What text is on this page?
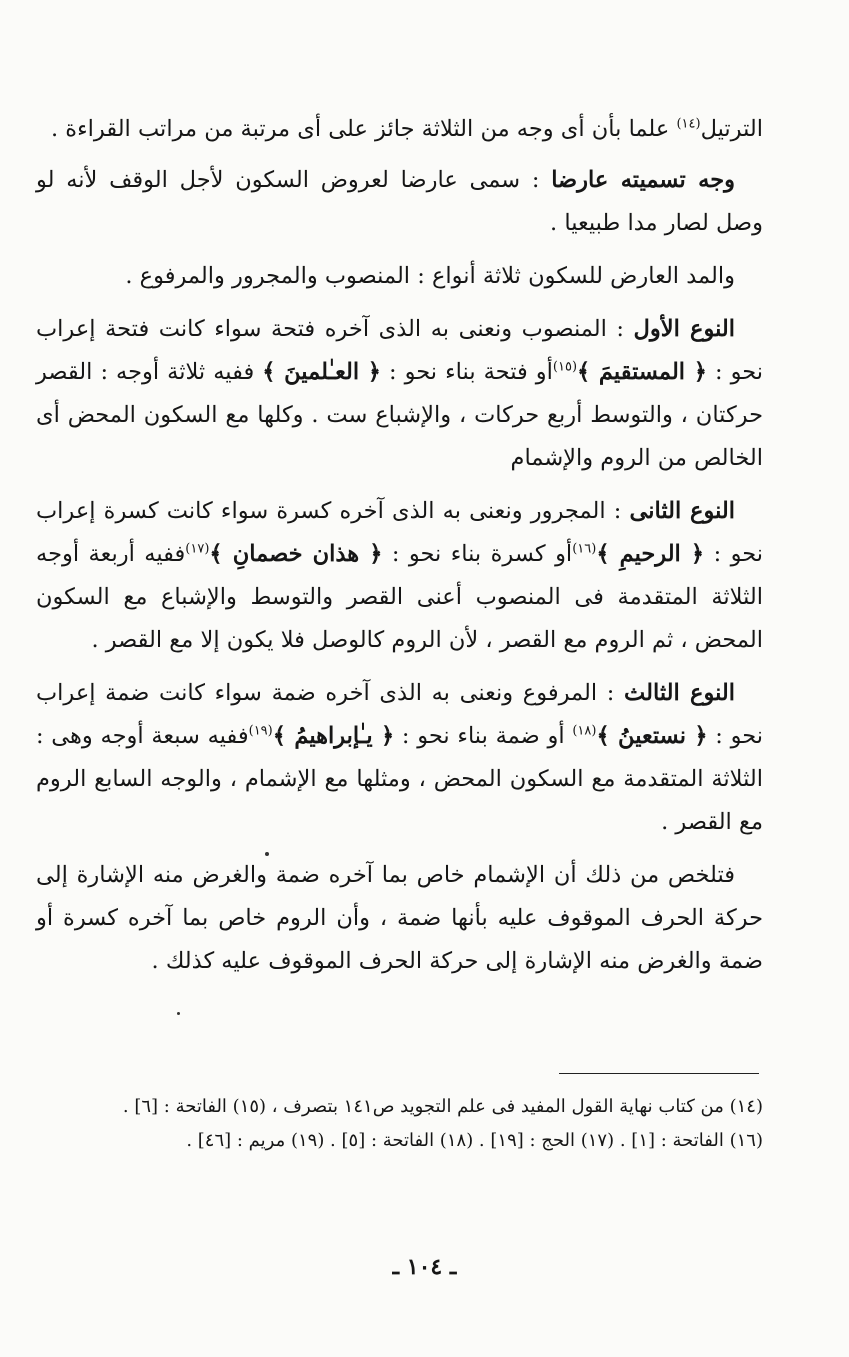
الترتيل$^{(١٤)}$ علما بأن أى وجه من الثلاثة جائز على أى مرتبة من مراتب القراءة .

وجه تسميته عارضا : سمى عارضا لعروض السكون لأجل الوقف لأنه لو وصل لصار مدا طبيعيا .

والمد العارض للسكون ثلاثة أنواع : المنصوب والمجرور والمرفوع .

النوع الأول : المنصوب ونعنى به الذى آخره فتحة سواء كانت فتحة إعراب نحو : ﴿ المستقيمَ ﴾$^{(١٥)}$أو فتحة بناء نحو : ﴿ العـٰلمينَ ﴾ ففيه ثلاثة أوجه : القصر حركتان ، والتوسط أربع حركات ، والإشباع ست . وكلها مع السكون المحض أى الخالص من الروم والإشمام

النوع الثانى : المجرور ونعنى به الذى آخره كسرة سواء كانت كسرة إعراب نحو : ﴿ الرحيمِ ﴾$^{(١٦)}$أو كسرة بناء نحو : ﴿ هذان خصمانِ ﴾$^{(١٧)}$ففيه أربعة أوجه الثلاثة المتقدمة فى المنصوب أعنى القصر والتوسط والإشباع مع السكون المحض ، ثم الروم مع القصر ، لأن الروم كالوصل فلا يكون إلا مع القصر .

النوع الثالث : المرفوع ونعنى به الذى آخره ضمة سواء كانت ضمة إعراب نحو : ﴿ نستعينُ ﴾$^{(١٨)}$ أو ضمة بناء نحو : ﴿ يـٰإبراهيمُ ﴾$^{(١٩)}$ففيه سبعة أوجه وهى : الثلاثة المتقدمة مع السكون المحض ، ومثلها مع الإشمام ، والوجه السابع الروم مع القصر .

فتلخص من ذلك أن الإشمام خاص بما آخره ضمة والغرض منه الإشارة إلى حركة الحرف الموقوف عليه بأنها ضمة ، وأن الروم خاص بما آخره كسرة أو ضمة والغرض منه الإشارة إلى حركة الحرف الموقوف عليه كذلك .

(١٤) من كتاب نهاية القول المفيد فى علم التجويد ص١٤١ بتصرف ، (١٥) الفاتحة : [٦] .
(١٦) الفاتحة : [١] . (١٧) الحج : [١٩] . (١٨) الفاتحة : [٥] . (١٩) مريم : [٤٦] .
ـ ١٠٤ ـ
